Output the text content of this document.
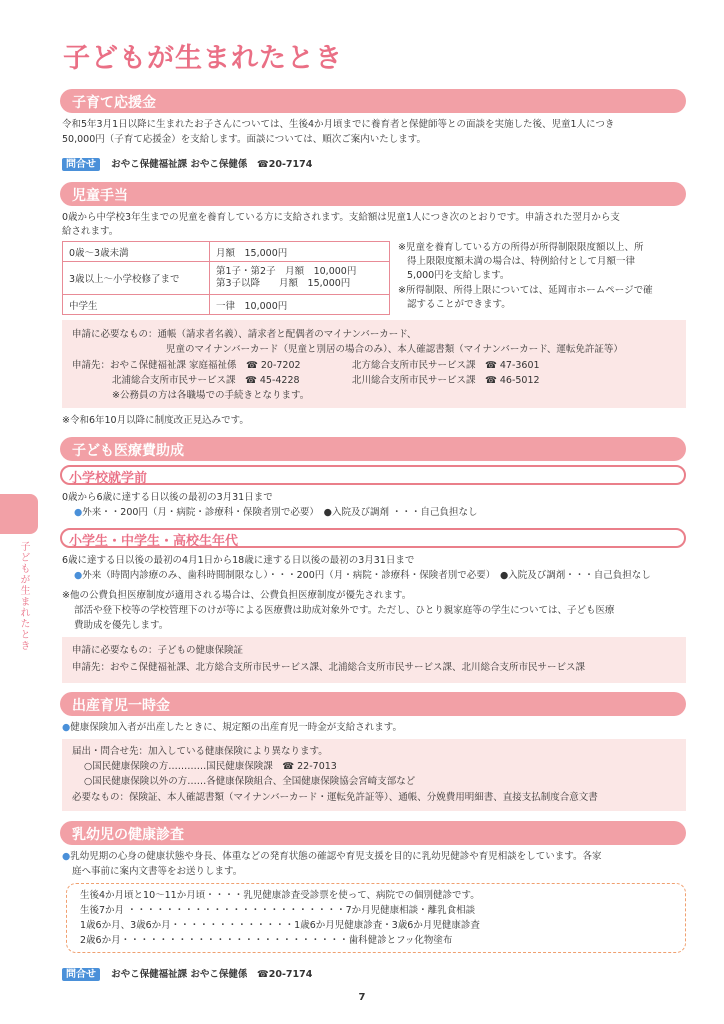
子どもが生まれたとき
子どもが生まれたとき
子育て応援金
令和5年3月1日以降に生まれたお子さんについては、生後4か月頃までに養育者と保健師等との面談を実施した後、児童1人につき
50,000円（子育て応援金）を支給します。面談については、順次ご案内いたします。
問合せ おやこ保健福祉課 おやこ保健係　☎20-7174
児童手当
0歳から中学校3年生までの児童を養育している方に支給されます。支給額は児童1人につき次のとおりです。申請された翌月から支
給されます。
0歳～3歳未満	月額　15,000円
3歳以上～小学校修了まで	第1子・第2子　月額　10,000円
第3子以降　　月額　15,000円

中学生	一律　10,000円
※児童を養育している方の所得が所得制限限度額以上、所
得上限限度額未満の場合は、特例給付として月額一律
5,000円を支給します。
※所得制限、所得上限については、延岡市ホームページで確
認することができます。
申請に必要なもの：通帳（請求者名義）、請求者と配偶者のマイナンバーカード、
児童のマイナンバーカード（児童と別居の場合のみ）、本人確認書類（マイナンバーカード、運転免許証等）
申請先：おやこ保健福祉課 家庭福祉係　☎ 20-7202	北方総合支所市民サービス課　☎ 47-3601
北浦総合支所市民サービス課　☎ 45-4228	北川総合支所市民サービス課　☎ 46-5012
※公務員の方は各職場での手続きとなります。
※令和6年10月以降に制度改正見込みです。
子ども医療費助成
小学校就学前
0歳から6歳に達する日以後の最初の3月31日まで
●外来・・200円（月・病院・診療科・保険者別で必要）　●入院及び調剤 ・・・自己負担なし
小学生・中学生・高校生年代
6歳に達する日以後の最初の4月1日から18歳に達する日以後の最初の3月31日まで
●外来（時間内診療のみ、歯科時間制限なし）・・・200円（月・病院・診療科・保険者別で必要）　●入院及び調剤・・・自己負担なし
※他の公費負担医療制度が適用される場合は、公費負担医療制度が優先されます。
部活や登下校等の学校管理下のけが等による医療費は助成対象外です。ただし、ひとり親家庭等の学生については、子ども医療
費助成を優先します。
申請に必要なもの：子どもの健康保険証
申請先：おやこ保健福祉課、北方総合支所市民サービス課、北浦総合支所市民サービス課、北川総合支所市民サービス課
出産育児一時金
●健康保険加入者が出産したときに、規定額の出産育児一時金が支給されます。
届出・問合せ先：加入している健康保険により異なります。
○国民健康保険の方…………国民健康保険課　☎ 22-7013
○国民健康保険以外の方……各健康保険組合、全国健康保険協会宮崎支部など
必要なもの：保険証、本人確認書類（マイナンバーカード・運転免許証等）、通帳、分娩費用明細書、直接支払制度合意文書
乳幼児の健康診査
●乳幼児期の心身の健康状態や身長、体重などの発育状態の確認や育児支援を目的に乳幼児健診や育児相談をしています。各家
庭へ事前に案内文書等をお送りします。
生後4か月頃と10～11か月頃・・・・乳児健康診査受診票を使って、病院での個別健診です。
生後7か月 ・・・・・・・・・・・・・・・・・・・・・・・7か月児健康相談・離乳食相談
1歳6か月、3歳6か月・・・・・・・・・・・・・1歳6か月児健康診査・3歳6か月児健康診査
2歳6か月・・・・・・・・・・・・・・・・・・・・・・・・歯科健診とフッ化物塗布
問合せ おやこ保健福祉課 おやこ保健係　☎20-7174
7
